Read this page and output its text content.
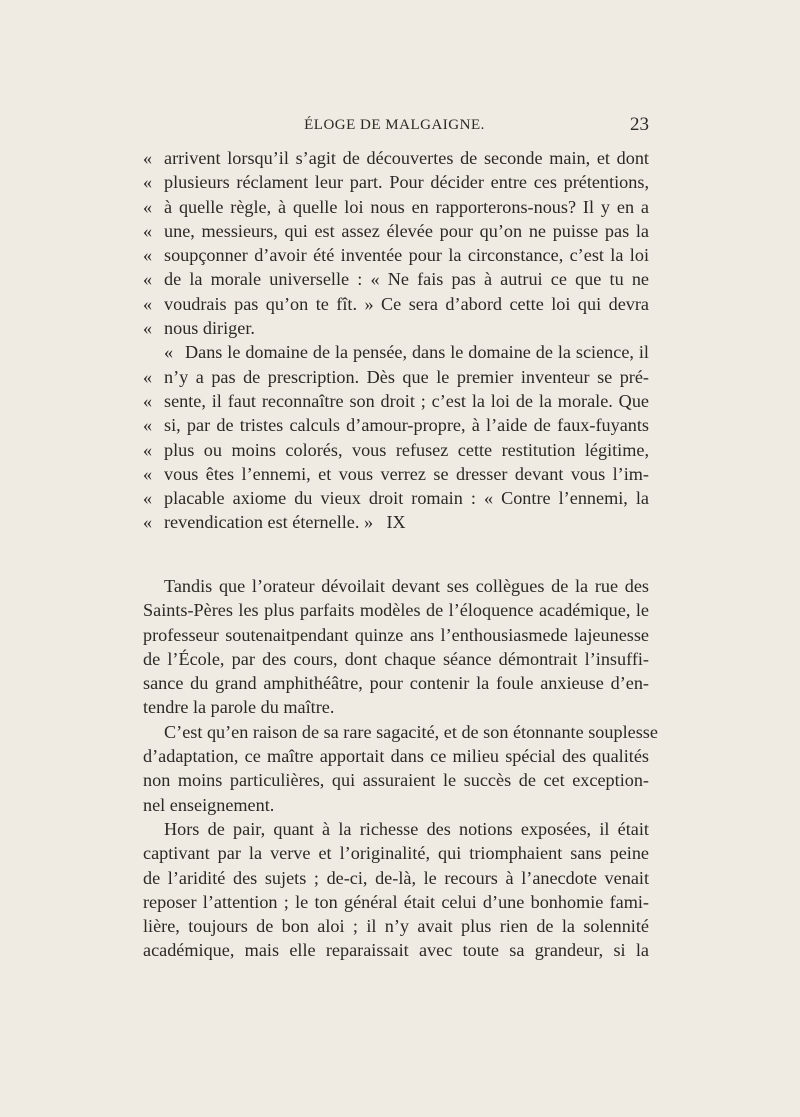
ÉLOGE DE MALGAIGNE.	23
«
arrivent lorsqu’il s’agit de découvertes de seconde main, et dont
«
plusieurs réclament leur part. Pour décider entre ces prétentions,
«
à quelle règle, à quelle loi nous en rapporterons-nous? Il y en a
«
une, messieurs, qui est assez élevée pour qu’on ne puisse pas la
«
soupçonner d’avoir été inventée pour la circonstance, c’est la loi
«
de la morale universelle : « Ne fais pas à autrui ce que tu ne
«
voudrais pas qu’on te fît. » Ce sera d’abord cette loi qui devra
«
nous diriger.
«
Dans le domaine de la pensée, dans le domaine de la science, il
«
n’y a pas de prescription. Dès que le premier inventeur se pré-
«
sente, il faut reconnaître son droit ; c’est la loi de la morale. Que
«
si, par de tristes calculs d’amour-propre, à l’aide de faux-fuyants
«
plus ou moins colorés, vous refusez cette restitution légitime,
«
vous êtes l’ennemi, et vous verrez se dresser devant vous l’im-
«
placable axiome du vieux droit romain : « Contre l’ennemi, la
«
revendication est éternelle. » IX
Tandis que l’orateur dévoilait devant ses collègues de la rue des
Saints-Pères les plus parfaits modèles de l’éloquence académique, le
professeur soutenaitpendant quinze ans l’enthousiasmede lajeunesse
de l’École, par des cours, dont chaque séance démontrait l’insuffi-
sance du grand amphithéâtre, pour contenir la foule anxieuse d’en-
tendre la parole du maître.
C’est qu’en raison de sa rare sagacité, et de son étonnante souplesse
d’adaptation, ce maître apportait dans ce milieu spécial des qualités
non moins particulières, qui assuraient le succès de cet exception-
nel enseignement.
Hors de pair, quant à la richesse des notions exposées, il était
captivant par la verve et l’originalité, qui triomphaient sans peine
de l’aridité des sujets ; de-ci, de-là, le recours à l’anecdote venait
reposer l’attention ; le ton général était celui d’une bonhomie fami-
lière, toujours de bon aloi ; il n’y avait plus rien de la solennité
académique, mais elle reparaissait avec toute sa grandeur, si la
